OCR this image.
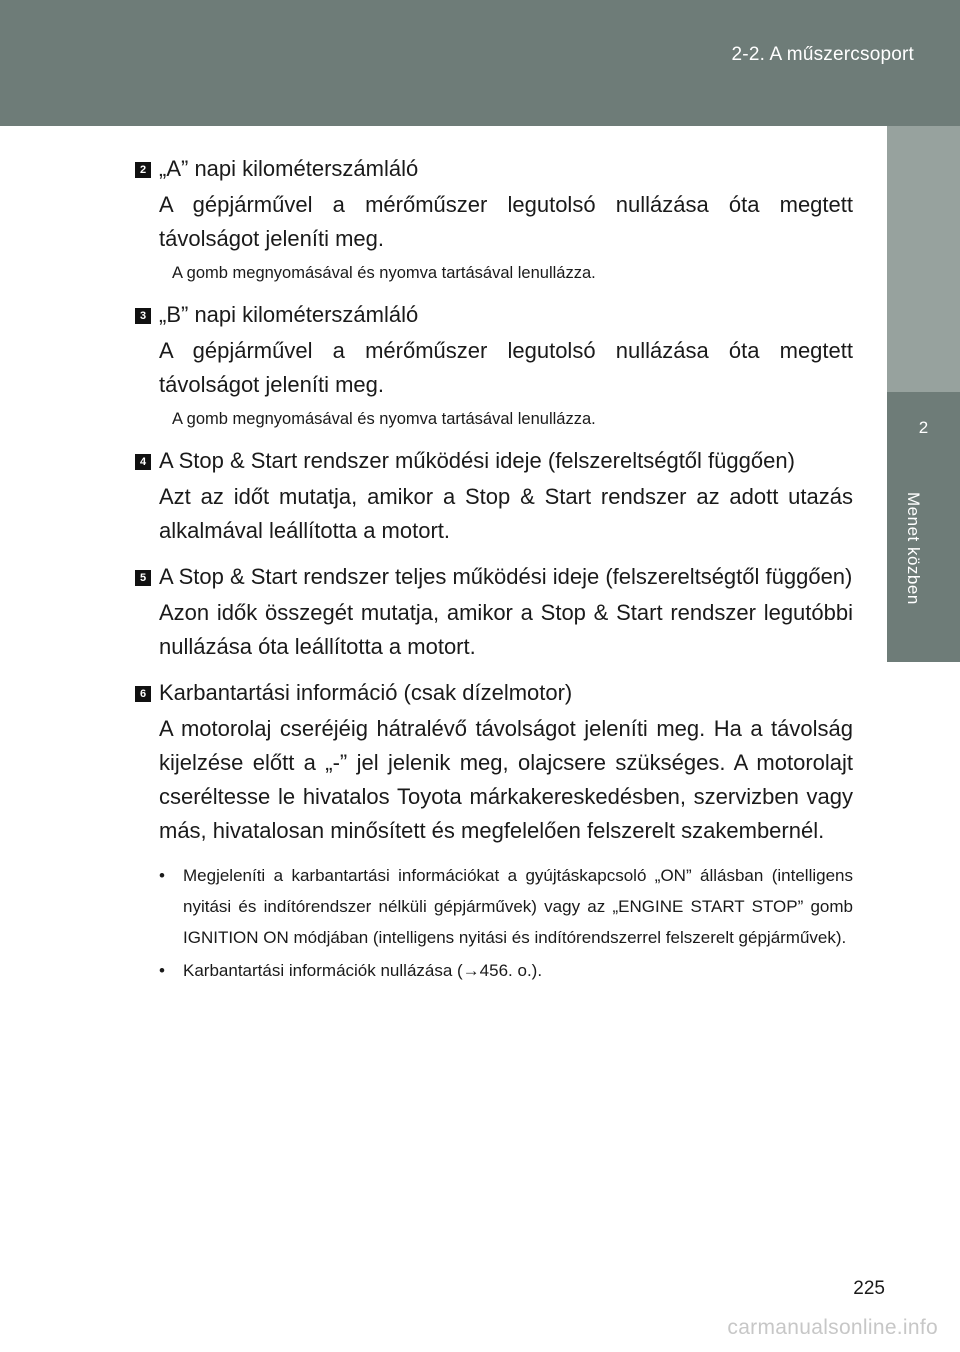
2-2. A műszercsoport
2
Menet közben
2 „A” napi kilométerszámláló
A gépjárművel a mérőműszer legutolsó nullázása óta megtett távolságot jeleníti meg.
A gomb megnyomásával és nyomva tartásával lenullázza.
3 „B” napi kilométerszámláló
A gépjárművel a mérőműszer legutolsó nullázása óta megtett távolságot jeleníti meg.
A gomb megnyomásával és nyomva tartásával lenullázza.
4 A Stop & Start rendszer működési ideje (felszereltségtől függően)
Azt az időt mutatja, amikor a Stop & Start rendszer az adott utazás alkalmával leállította a motort.
5 A Stop & Start rendszer teljes működési ideje (felszereltségtől függően)
Azon idők összegét mutatja, amikor a Stop & Start rendszer legutóbbi nullázása óta leállította a motort.
6 Karbantartási információ (csak dízelmotor)
A motorolaj cseréjéig hátralévő távolságot jeleníti meg. Ha a távolság kijelzése előtt a „-” jel jelenik meg, olajcsere szükséges. A motorolajt cseréltesse le hivatalos Toyota márkakereskedésben, szervizben vagy más, hivatalosan minősített és megfelelően felszerelt szakembernél.
• Megjeleníti a karbantartási információkat a gyújtáskapcsoló „ON” állásban (intelligens nyitási és indítórendszer nélküli gépjárművek) vagy az „ENGINE START STOP” gomb IGNITION ON módjában (intelligens nyitási és indítórendszerrel felszerelt gépjárművek).
• Karbantartási információk nullázása (→456. o.).
225
carmanualsonline.info
